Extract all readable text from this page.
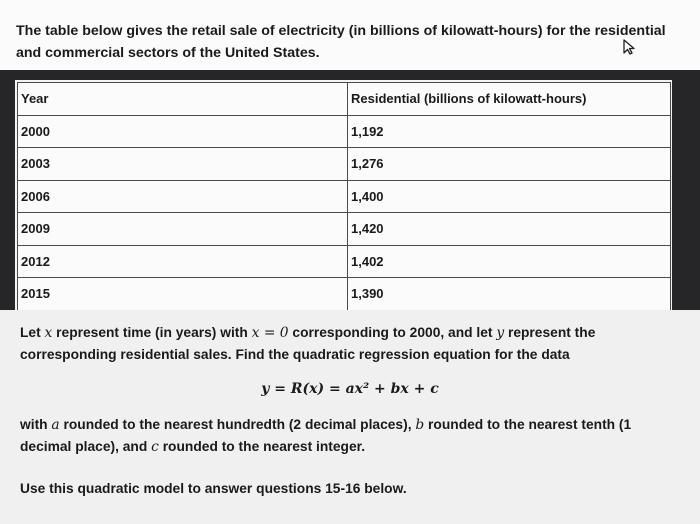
The table below gives the retail sale of electricity (in billions of kilowatt-hours) for the residential and commercial sectors of the United States.

Year	Residential (billions of kilowatt-hours)
2000	1,192
2003	1,276
2006	1,400
2009	1,420
2012	1,402
2015	1,390

Let x represent time (in years) with x = 0 corresponding to 2000, and let y represent the corresponding residential sales. Find the quadratic regression equation for the data

y = R(x) = ax² + bx + c

with a rounded to the nearest hundredth (2 decimal places), b rounded to the nearest tenth (1 decimal place), and c rounded to the nearest integer.

Use this quadratic model to answer questions 15-16 below.
